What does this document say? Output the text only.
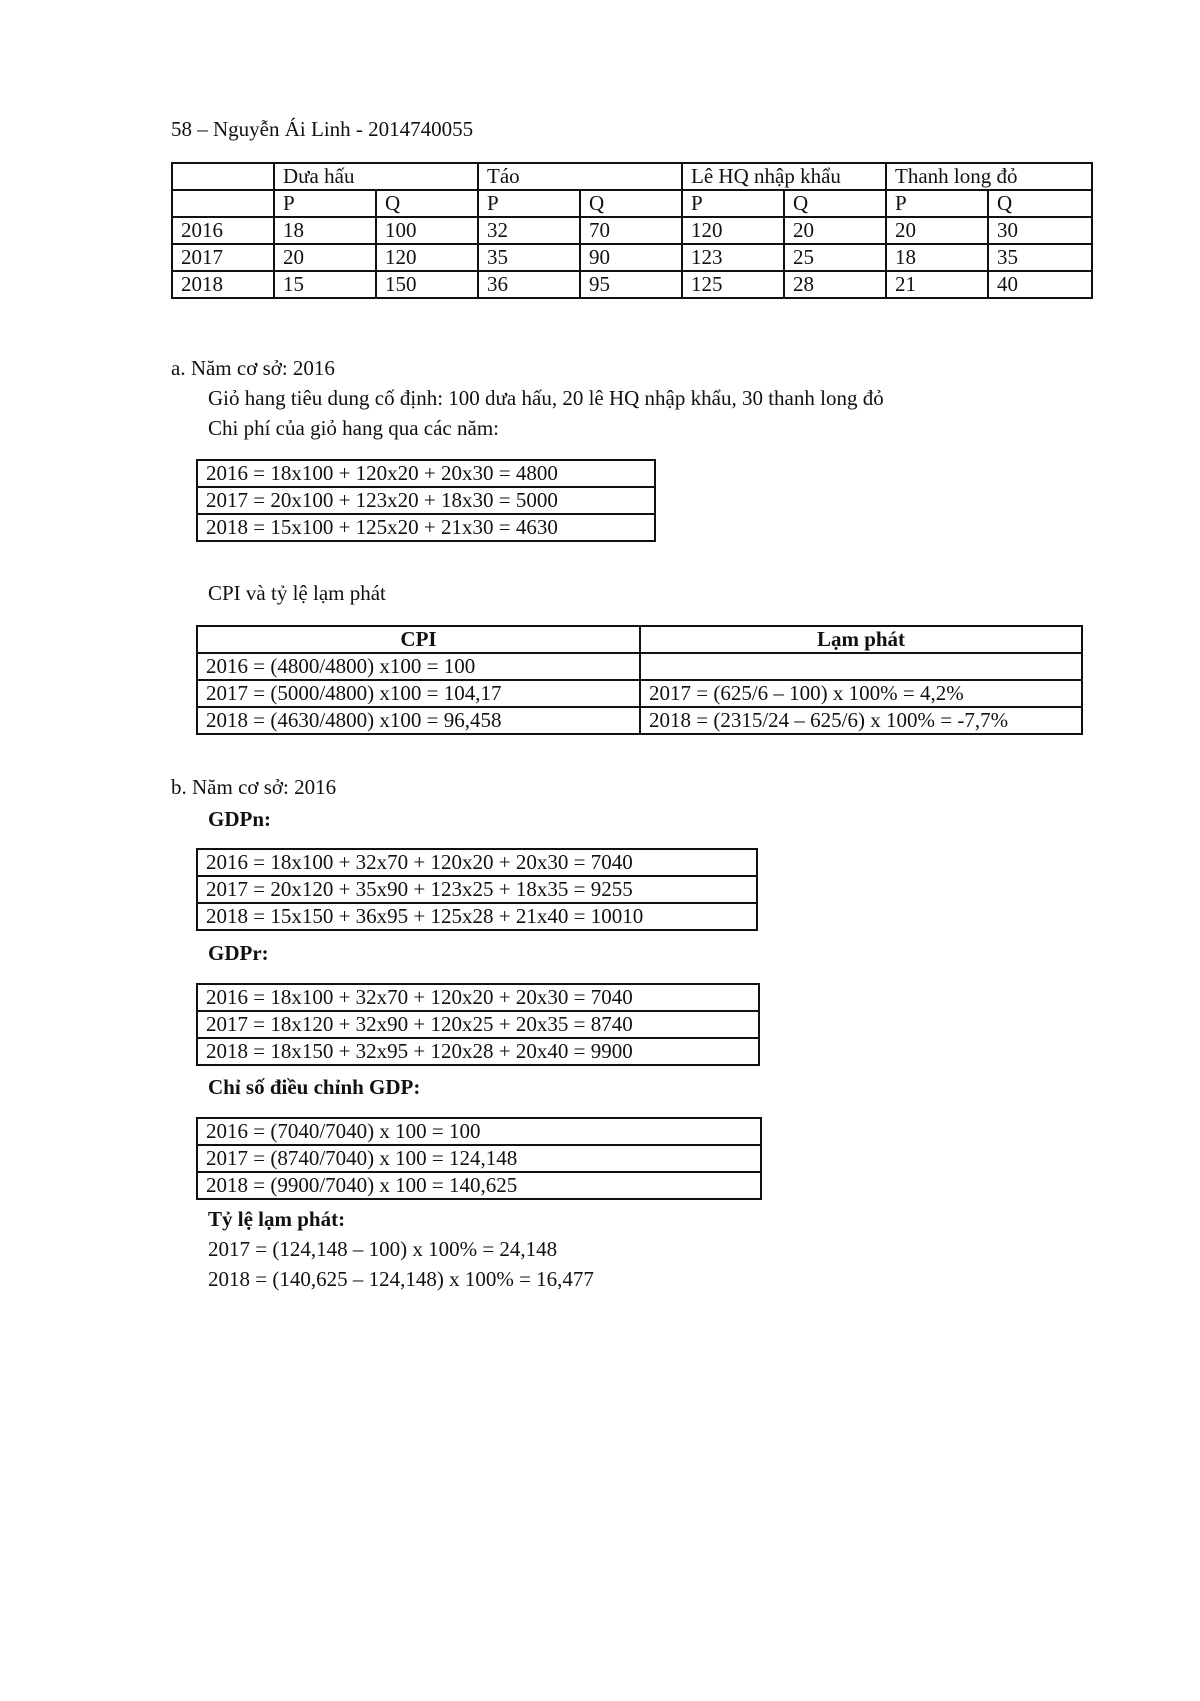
58 – Nguyễn Ái Linh - 2014740055
	Dưa hấu		Táo		Lê HQ nhập khẩu		Thanh long đỏ	
	P	Q	P	Q	P	Q	P	Q
2016	18	100	32	70	120	20	20	30
2017	20	120	35	90	123	25	18	35
2018	15	150	36	95	125	28	21	40
a. Năm cơ sở: 2016
Giỏ hang tiêu dung cố định: 100 dưa hấu, 20 lê HQ nhập khẩu, 30 thanh long đỏ
Chi phí của giỏ hang qua các năm:
2016 = 18x100 + 120x20 + 20x30 = 4800
2017 = 20x100 + 123x20 + 18x30 = 5000
2018 = 15x100 + 125x20 + 21x30 = 4630
CPI và tỷ lệ lạm phát
CPI	Lạm phát
2016 = (4800/4800) x100 = 100	
2017 = (5000/4800) x100 = 104,17	2017 = (625/6 – 100) x 100% = 4,2%
2018 = (4630/4800) x100 = 96,458	2018 = (2315/24 – 625/6) x 100% = -7,7%
b. Năm cơ sở: 2016
GDPn:
2016 = 18x100 + 32x70 + 120x20 + 20x30 = 7040
2017 = 20x120 + 35x90 + 123x25 + 18x35 = 9255
2018 = 15x150 + 36x95 + 125x28 + 21x40 = 10010
GDPr:
2016 = 18x100 + 32x70 + 120x20 + 20x30 = 7040
2017 = 18x120 + 32x90 + 120x25 + 20x35 = 8740
2018 = 18x150 + 32x95 + 120x28 + 20x40 = 9900
Chỉ số điều chỉnh GDP:
2016 = (7040/7040) x 100 = 100
2017 = (8740/7040) x 100 = 124,148
2018 = (9900/7040) x 100 = 140,625
Tỷ lệ lạm phát:
2017 = (124,148 – 100) x 100% = 24,148
2018 = (140,625 – 124,148) x 100% = 16,477
